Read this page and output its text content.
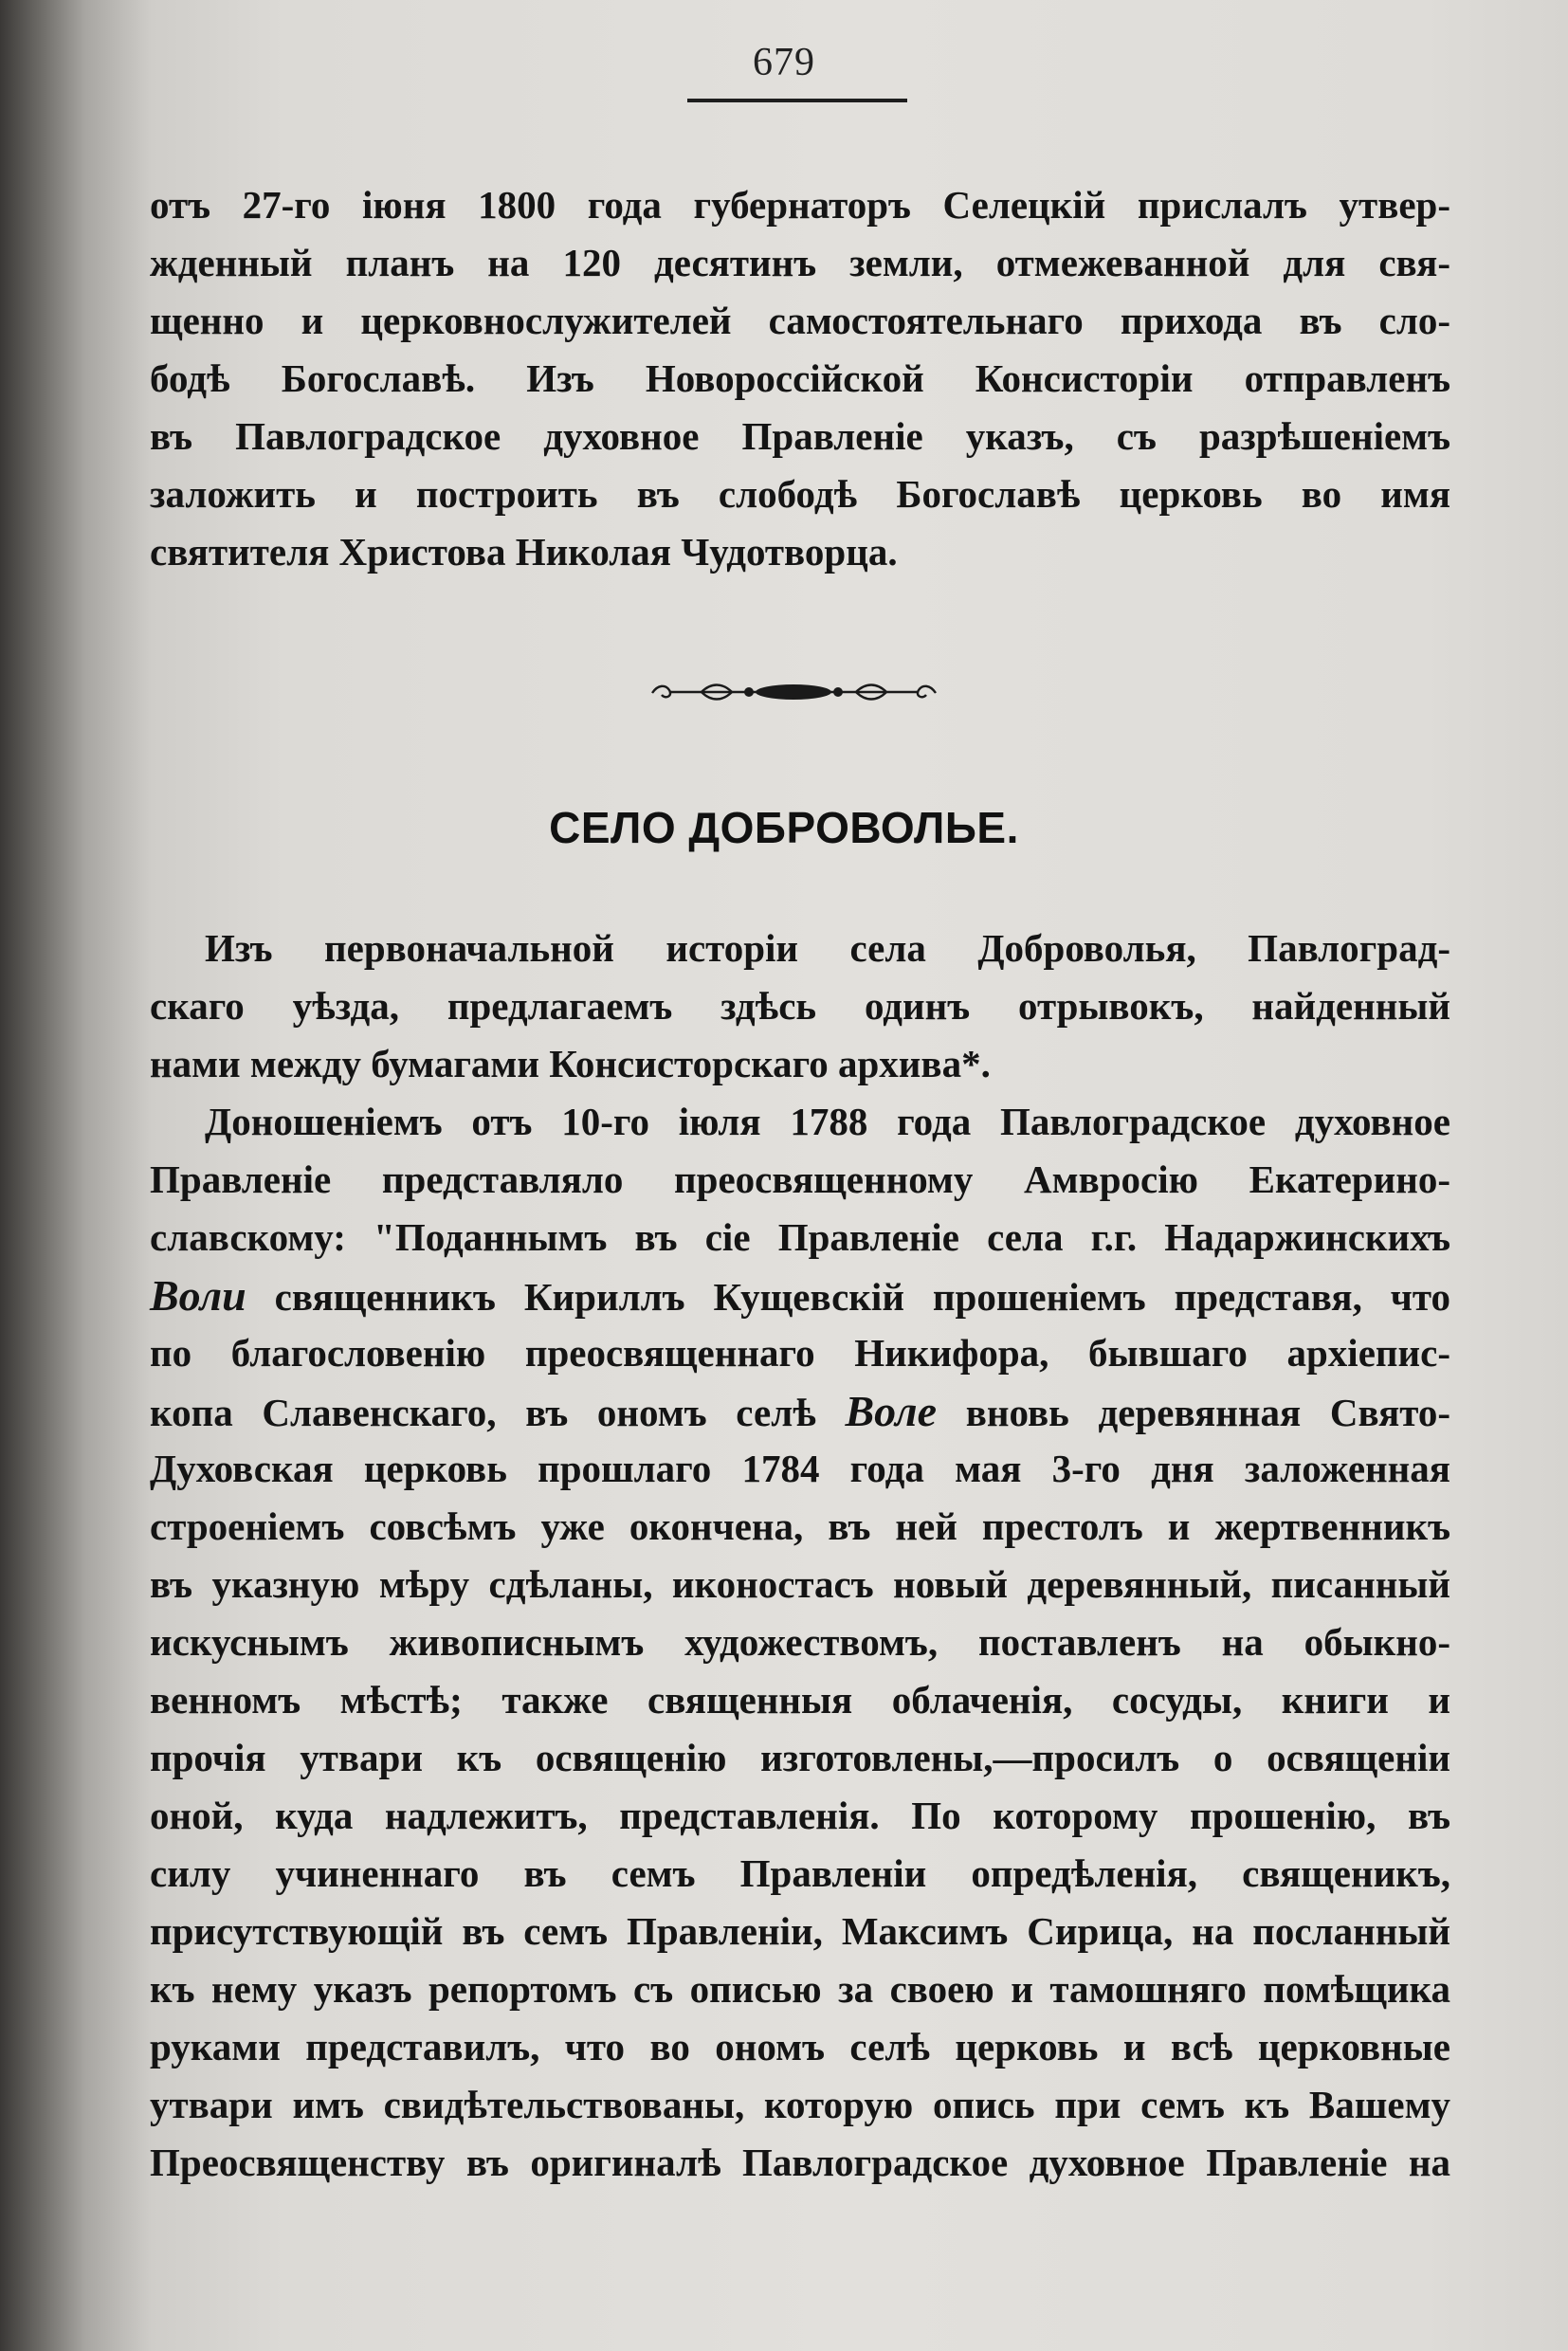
679
отъ 27-го іюня 1800 года губернаторъ Селецкій прислалъ утвер-
жденный планъ на 120 десятинъ земли, отмежеванной для свя-
щенно и церковнослужителей самостоятельнаго прихода въ сло-
бодѣ Богославѣ. Изъ Новороссійской Консисторіи отправленъ
въ Павлоградское духовное Правленіе указъ, съ разрѣшеніемъ
заложить и построить въ слободѣ Богославѣ церковь во имя
святителя Христова Николая Чудотворца.
СЕЛО ДОБРОВОЛЬЕ.
Изъ первоначальной исторіи села Доброволья, Павлоград-
скаго уѣзда, предлагаемъ здѣсь одинъ отрывокъ, найденный
нами между бумагами Консисторскаго архива*.
Доношеніемъ отъ 10-го іюля 1788 года Павлоградское духовное
Правленіе представляло преосвященному Амвросію Екатерино-
славскому: "Поданнымъ въ сіе Правленіе села г.г. Надаржинскихъ
Воли священникъ Кириллъ Кущевскій прошеніемъ представя, что
по благословенію преосвященнаго Никифора, бывшаго архіепис-
копа Славенскаго, въ ономъ селѣ Воле вновь деревянная Свято-
Духовская церковь прошлаго 1784 года мая 3-го дня заложенная
строеніемъ совсѣмъ уже окончена, въ ней престолъ и жертвенникъ
въ указную мѣру сдѣланы, иконостасъ новый деревянный, писанный
искуснымъ живописнымъ художествомъ, поставленъ на обыкно-
венномъ мѣстѣ; также священныя облаченія, сосуды, книги и
прочія утвари къ освященію изготовлены,—просилъ о освященіи
оной, куда надлежитъ, представленія. По которому прошенію, въ
силу учиненнаго въ семъ Правленіи опредѣленія, священикъ,
присутствующій въ семъ Правленіи, Максимъ Сирица, на посланный
къ нему указъ репортомъ съ описью за своею и тамошняго помѣщика
руками представилъ, что во ономъ селѣ церковь и всѣ церковные
утвари имъ свидѣтельствованы, которую опись при семъ къ Вашему
Преосвященству въ оригиналѣ Павлоградское духовное Правленіе на
